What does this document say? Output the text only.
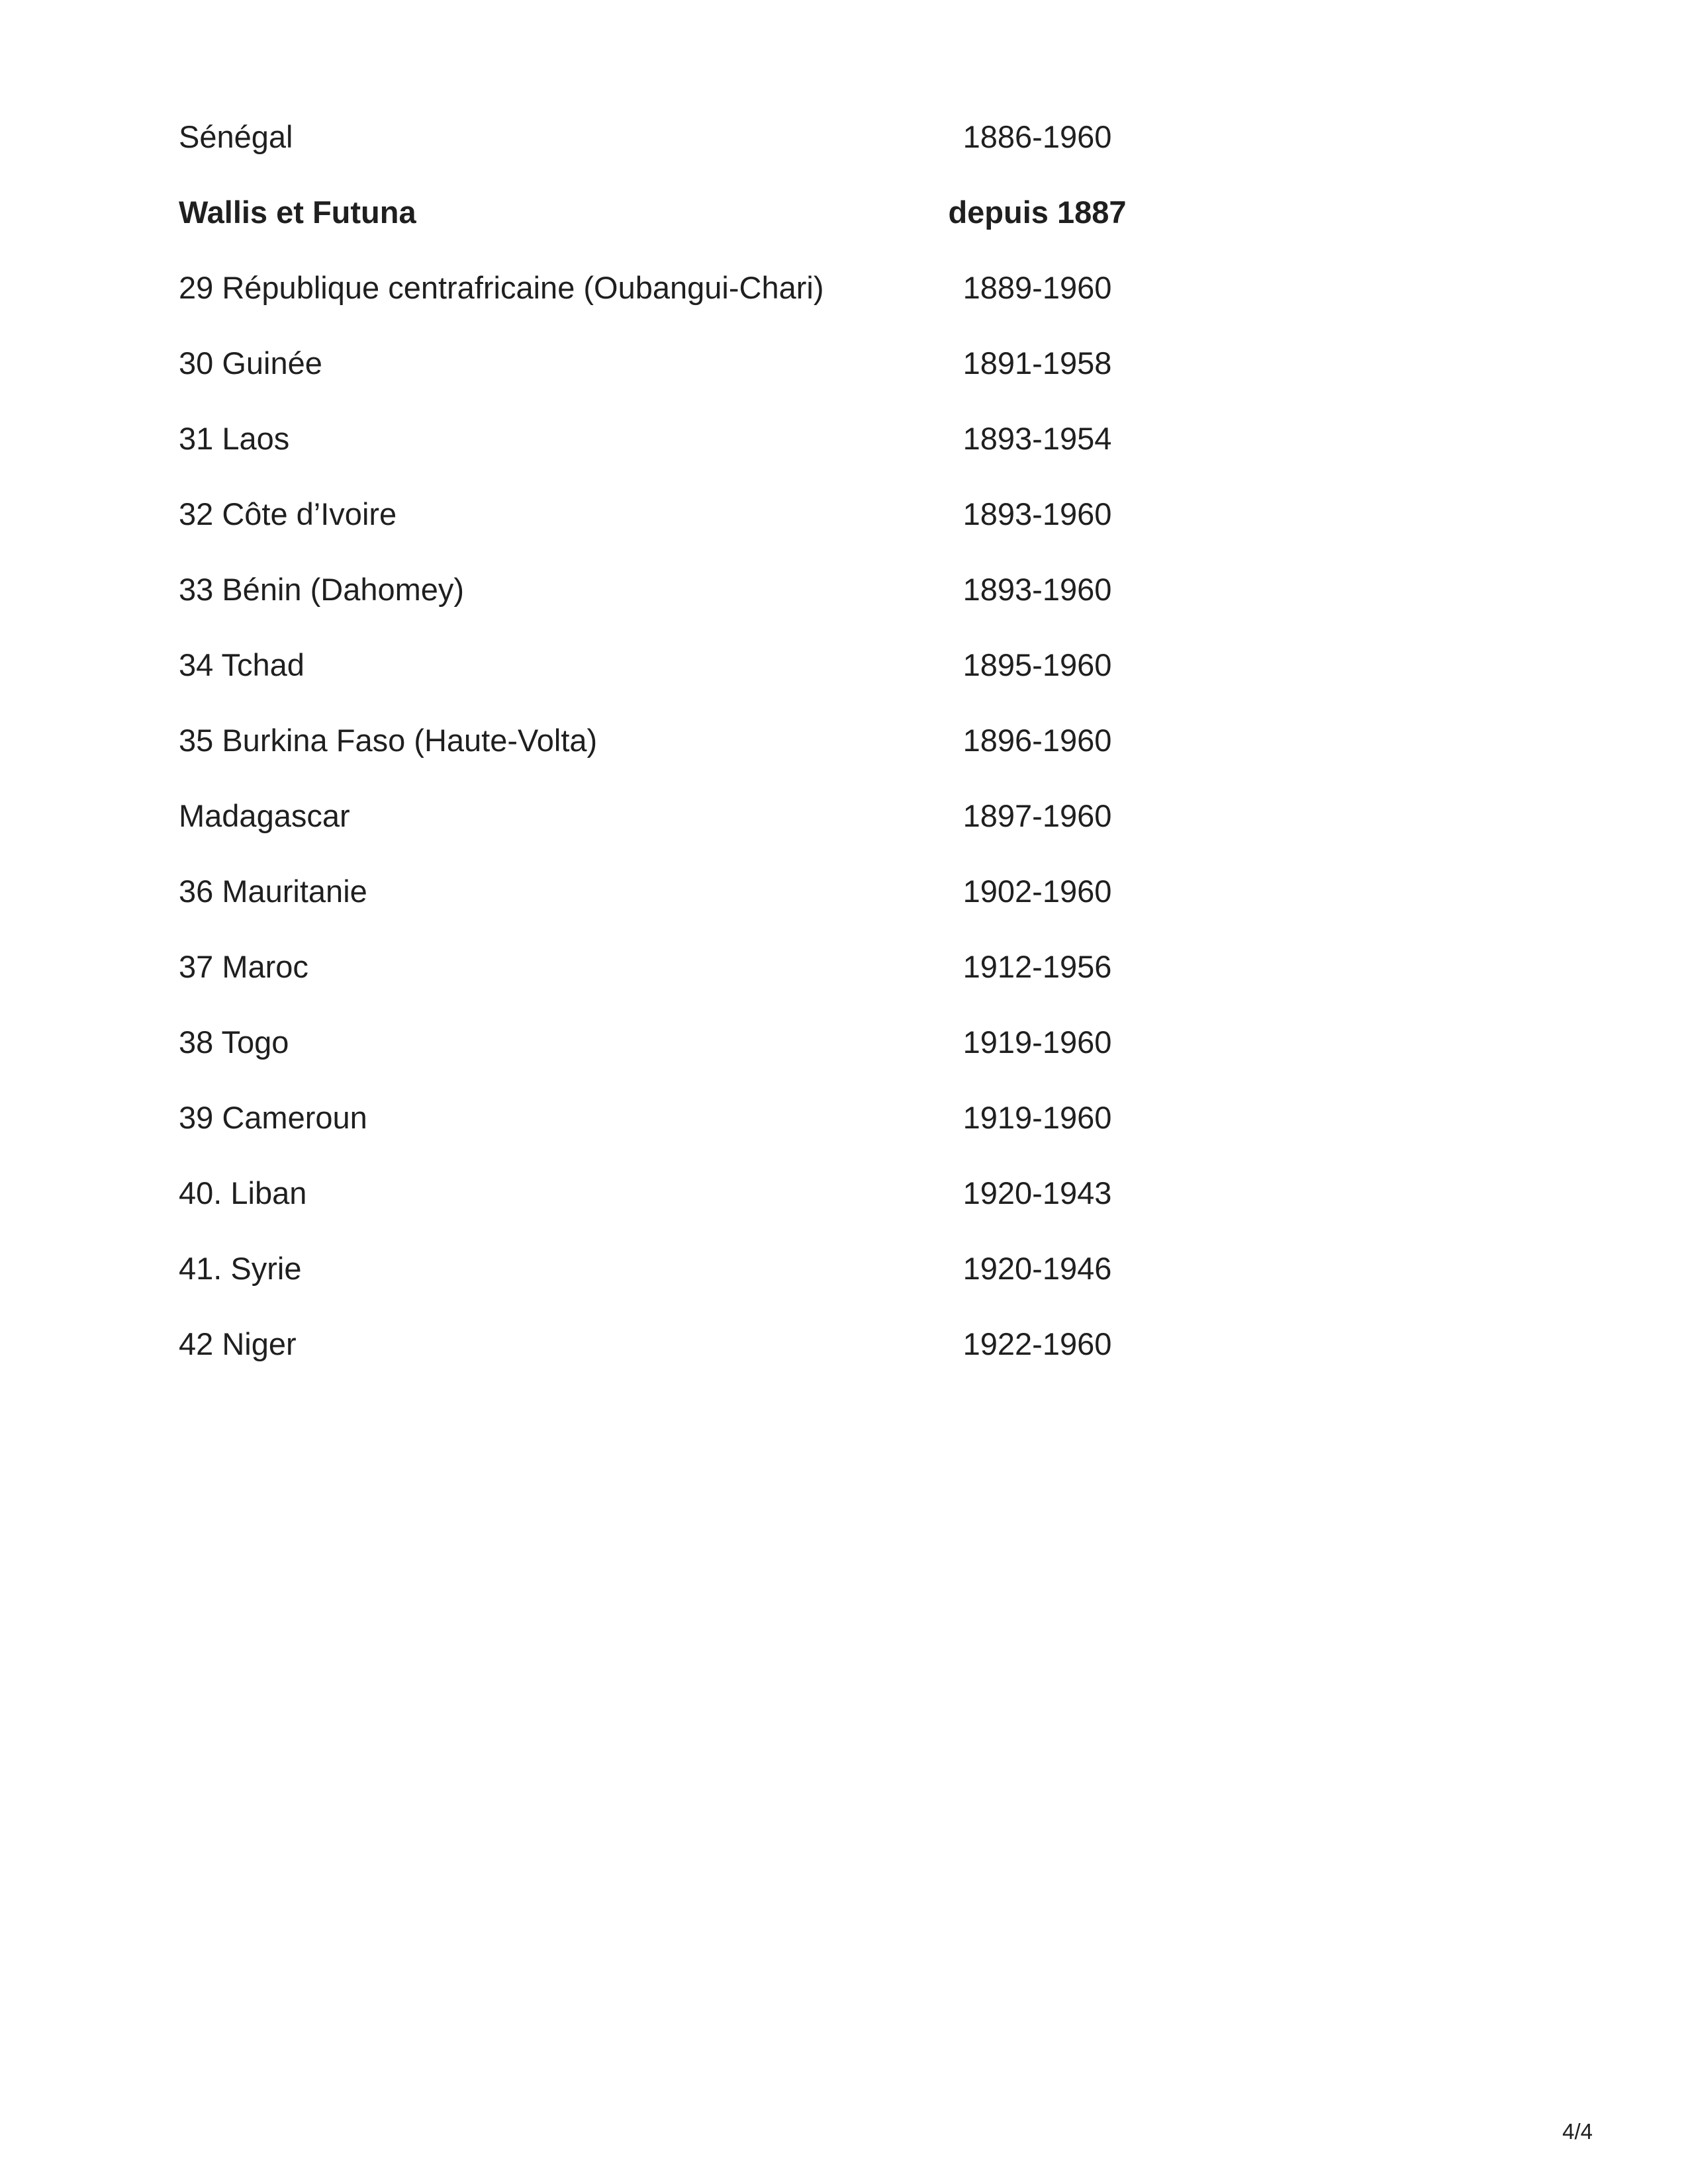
Sénégal	1886-1960
Wallis et Futuna	depuis 1887
29 République centrafricaine (Oubangui-Chari)	1889-1960
30 Guinée	1891-1958
31 Laos	1893-1954
32 Côte d’Ivoire	1893-1960
33 Bénin (Dahomey)	1893-1960
34 Tchad	1895-1960
35 Burkina Faso (Haute-Volta)	1896-1960
Madagascar	1897-1960
36 Mauritanie	1902-1960
37 Maroc	1912-1956
38 Togo	1919-1960
39 Cameroun	1919-1960
40. Liban	1920-1943
41. Syrie	1920-1946
42 Niger	1922-1960
4/4
